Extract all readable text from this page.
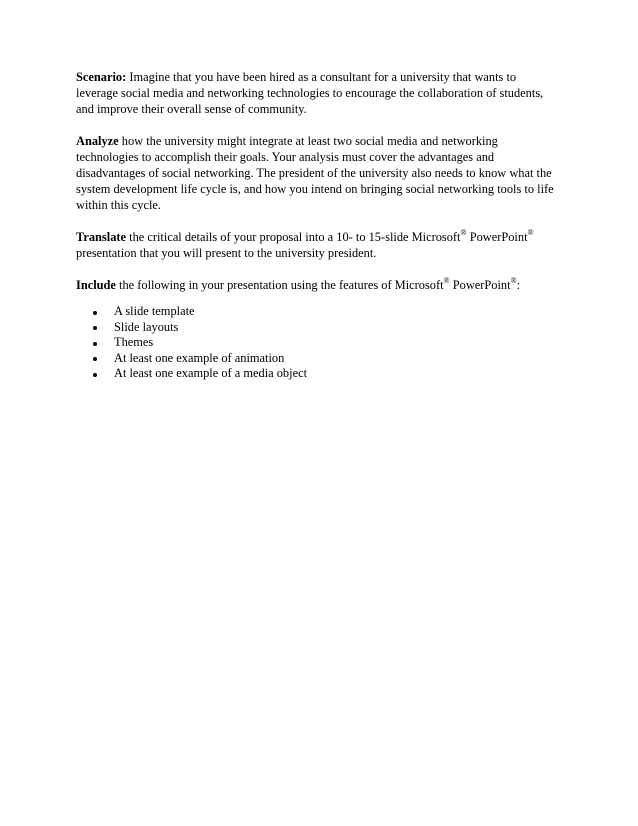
Scenario: Imagine that you have been hired as a consultant for a university that wants to
leverage social media and networking technologies to encourage the collaboration of students,
and improve their overall sense of community.
Analyze how the university might integrate at least two social media and networking
technologies to accomplish their goals. Your analysis must cover the advantages and
disadvantages of social networking. The president of the university also needs to know what the
system development life cycle is, and how you intend on bringing social networking tools to life
within this cycle.
Translate the critical details of your proposal into a 10- to 15-slide Microsoft® PowerPoint®
presentation that you will present to the university president.
Include the following in your presentation using the features of Microsoft® PowerPoint®:
A slide template
Slide layouts
Themes
At least one example of animation
At least one example of a media object
